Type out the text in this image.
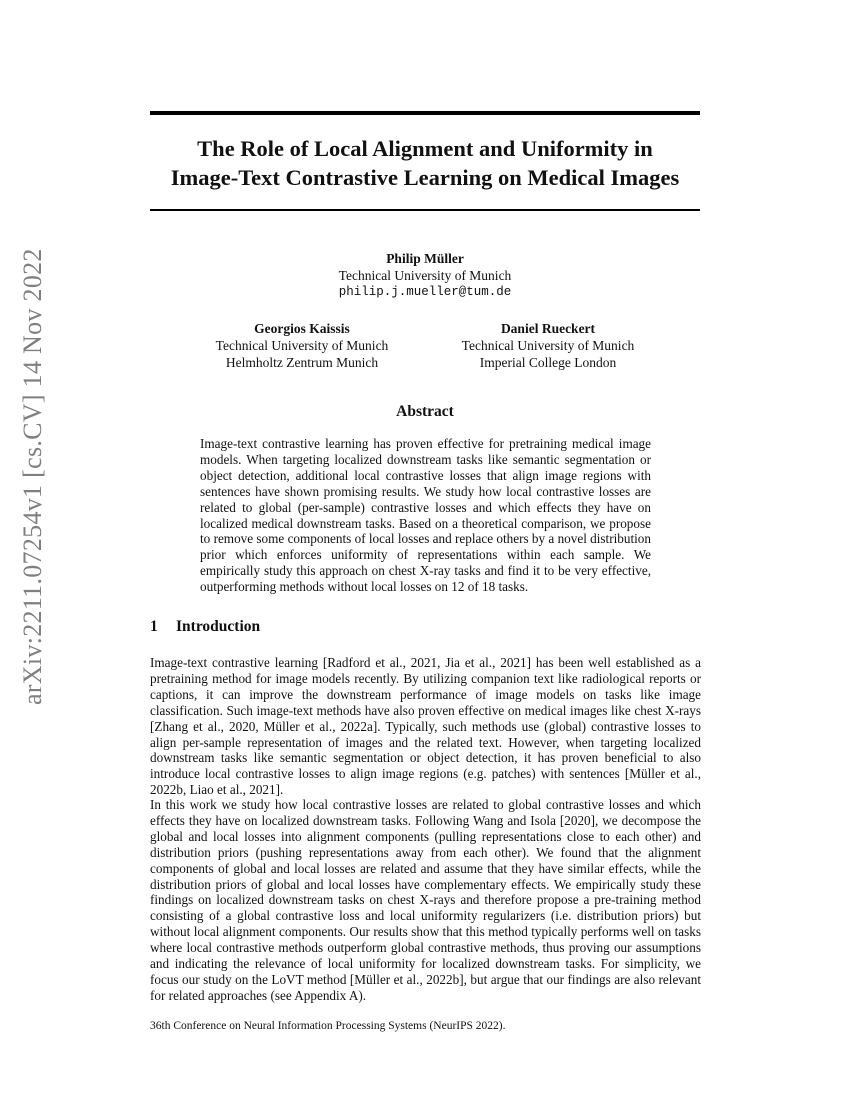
arXiv:2211.07254v1 [cs.CV] 14 Nov 2022
The Role of Local Alignment and Uniformity in
Image-Text Contrastive Learning on Medical Images
Philip Müller
Technical University of Munich
philip.j.mueller@tum.de
Georgios Kaissis
Technical University of Munich
Helmholtz Zentrum Munich
Daniel Rueckert
Technical University of Munich
Imperial College London
Abstract

Image-text contrastive learning has proven effective for pretraining medical image models. When targeting localized downstream tasks like semantic segmentation or object detection, additional local contrastive losses that align image regions with sentences have shown promising results. We study how local contrastive losses are related to global (per-sample) contrastive losses and which effects they have on localized medical downstream tasks. Based on a theoretical comparison, we propose to remove some components of local losses and replace others by a novel distribution prior which enforces uniformity of representations within each sample. We empirically study this approach on chest X-ray tasks and find it to be very effective, outperforming methods without local losses on 12 of 18 tasks.

1 Introduction

Image-text contrastive learning [Radford et al., 2021, Jia et al., 2021] has been well established as a pretraining method for image models recently. By utilizing companion text like radiological reports or captions, it can improve the downstream performance of image models on tasks like image classification. Such image-text methods have also proven effective on medical images like chest X-rays [Zhang et al., 2020, Müller et al., 2022a]. Typically, such methods use (global) contrastive losses to align per-sample representation of images and the related text. However, when targeting localized downstream tasks like semantic segmentation or object detection, it has proven beneficial to also introduce local contrastive losses to align image regions (e.g. patches) with sentences [Müller et al., 2022b, Liao et al., 2021].

In this work we study how local contrastive losses are related to global contrastive losses and which effects they have on localized downstream tasks. Following Wang and Isola [2020], we decompose the global and local losses into alignment components (pulling representations close to each other) and distribution priors (pushing representations away from each other). We found that the alignment components of global and local losses are related and assume that they have similar effects, while the distribution priors of global and local losses have complementary effects. We empirically study these findings on localized downstream tasks on chest X-rays and therefore propose a pre-training method consisting of a global contrastive loss and local uniformity regularizers (i.e. distribution priors) but without local alignment components. Our results show that this method typically performs well on tasks where local contrastive methods outperform global contrastive methods, thus proving our assumptions and indicating the relevance of local uniformity for localized downstream tasks. For simplicity, we focus our study on the LoVT method [Müller et al., 2022b], but argue that our findings are also relevant for related approaches (see Appendix A).

36th Conference on Neural Information Processing Systems (NeurIPS 2022).
